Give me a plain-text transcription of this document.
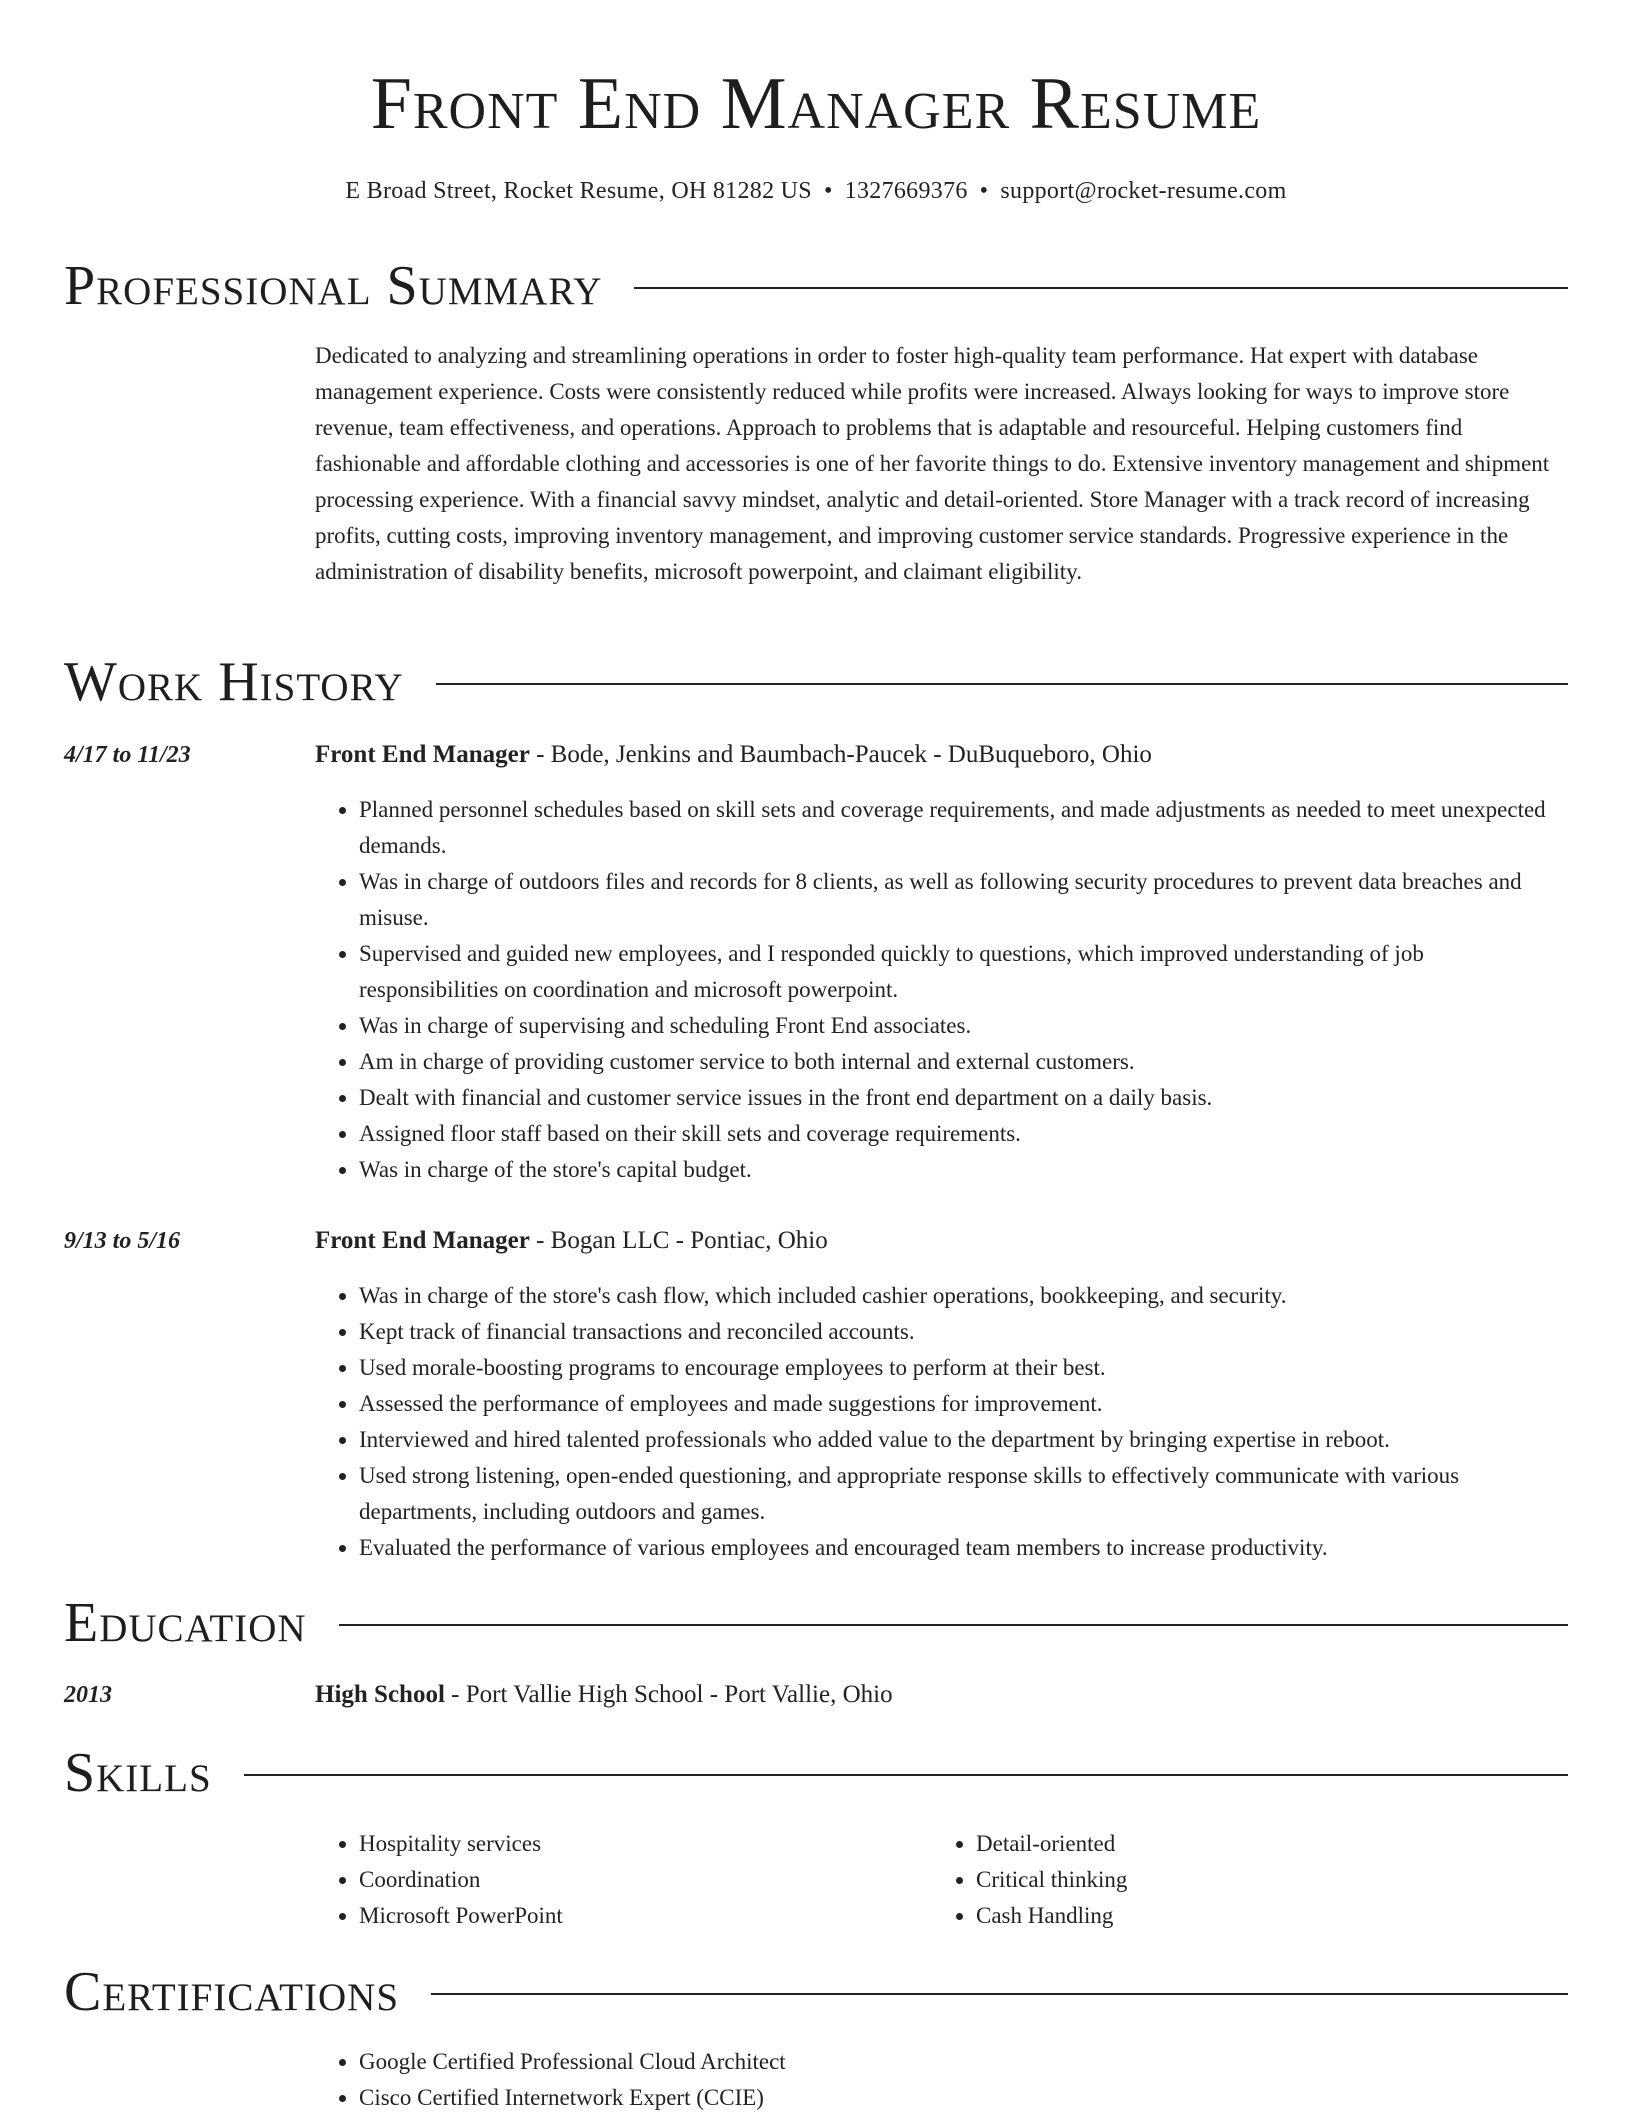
Front End Manager Resume
E Broad Street, Rocket Resume, OH 81282 US • 1327669376 • support@rocket-resume.com
Professional Summary

Dedicated to analyzing and streamlining operations in order to foster high-quality team performance. Hat expert with database management experience. Costs were consistently reduced while profits were increased. Always looking for ways to improve store revenue, team effectiveness, and operations. Approach to problems that is adaptable and resourceful. Helping customers find fashionable and affordable clothing and accessories is one of her favorite things to do. Extensive inventory management and shipment processing experience. With a financial savvy mindset, analytic and detail-oriented. Store Manager with a track record of increasing profits, cutting costs, improving inventory management, and improving customer service standards. Progressive experience in the administration of disability benefits, microsoft powerpoint, and claimant eligibility.

Work History
4/17 to 11/23	Front End Manager - Bode, Jenkins and Baumbach-Paucek - DuBuqueboro, Ohio
• Planned personnel schedules based on skill sets and coverage requirements, and made adjustments as needed to meet unexpected demands.
• Was in charge of outdoors files and records for 8 clients, as well as following security procedures to prevent data breaches and misuse.
• Supervised and guided new employees, and I responded quickly to questions, which improved understanding of job responsibilities on coordination and microsoft powerpoint.
• Was in charge of supervising and scheduling Front End associates.
• Am in charge of providing customer service to both internal and external customers.
• Dealt with financial and customer service issues in the front end department on a daily basis.
• Assigned floor staff based on their skill sets and coverage requirements.
• Was in charge of the store's capital budget.
9/13 to 5/16	Front End Manager - Bogan LLC - Pontiac, Ohio
• Was in charge of the store's cash flow, which included cashier operations, bookkeeping, and security.
• Kept track of financial transactions and reconciled accounts.
• Used morale-boosting programs to encourage employees to perform at their best.
• Assessed the performance of employees and made suggestions for improvement.
• Interviewed and hired talented professionals who added value to the department by bringing expertise in reboot.
• Used strong listening, open-ended questioning, and appropriate response skills to effectively communicate with various departments, including outdoors and games.
• Evaluated the performance of various employees and encouraged team members to increase productivity.
Education
2013	High School - Port Vallie High School - Port Vallie, Ohio
Skills
• Hospitality services
• Coordination
• Microsoft PowerPoint
• Detail-oriented
• Critical thinking
• Cash Handling
Certifications
• Google Certified Professional Cloud Architect
• Cisco Certified Internetwork Expert (CCIE)
